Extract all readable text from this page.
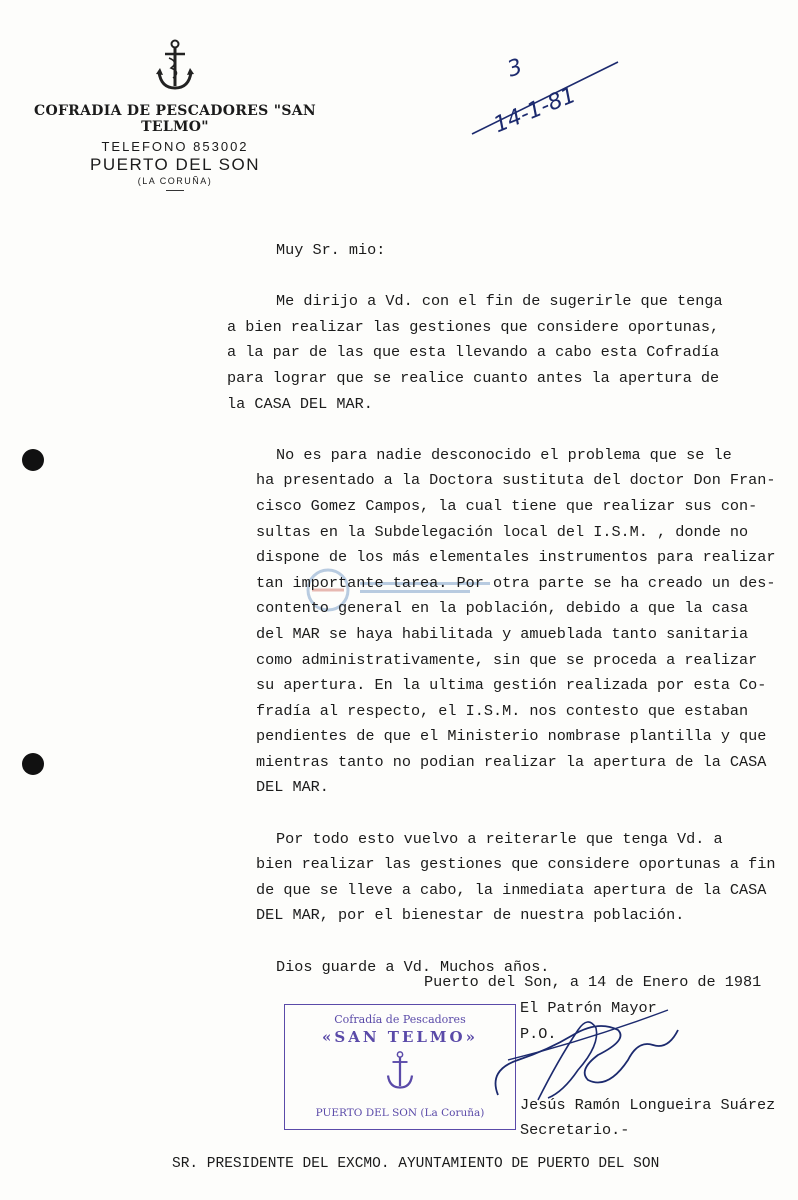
COFRADIA DE PESCADORES "SAN TELMO"
TELEFONO 853002
PUERTO DEL SON
(LA CORUÑA)
3
14-1-81
Muy Sr. mio:
Me dirijo a Vd. con el fin de sugerirle que tenga
a bien realizar las gestiones que considere oportunas,
a la par de las que esta llevando a cabo esta Cofradía
para lograr que se realice cuanto antes la apertura de
la CASA DEL MAR.
No es para nadie desconocido el problema que se le
ha presentado a la Doctora sustituta del doctor Don Fran-
cisco Gomez Campos, la cual tiene que realizar sus con-
sultas en la Subdelegación local del I.S.M. , donde no
dispone de los más elementales instrumentos para realizar
tan importante tarea. Por otra parte se ha creado un des-
contento general en la población, debido a que la casa
del MAR se haya habilitada y amueblada tanto sanitaria
como administrativamente, sin que se proceda a realizar
su apertura. En la ultima gestión realizada por esta Co-
fradía al respecto, el I.S.M. nos contesto que estaban
pendientes de que el Ministerio nombrase plantilla y que
mientras tanto no podian realizar la apertura de la CASA
DEL MAR.
Por todo esto vuelvo a reiterarle que tenga Vd. a
bien realizar las gestiones que considere oportunas a fin
de que se lleve a cabo, la inmediata apertura de la CASA
DEL MAR, por el bienestar de nuestra población.
Dios guarde a Vd. Muchos años.
Puerto del Son, a 14 de Enero de 1981
El Patrón Mayor
P.O.
Jesús Ramón Longueira Suárez
Secretario.-
Cofradía de Pescadores
«SAN TELMO»
PUERTO DEL SON (La Coruña)
SR. PRESIDENTE DEL EXCMO. AYUNTAMIENTO DE PUERTO DEL SON
